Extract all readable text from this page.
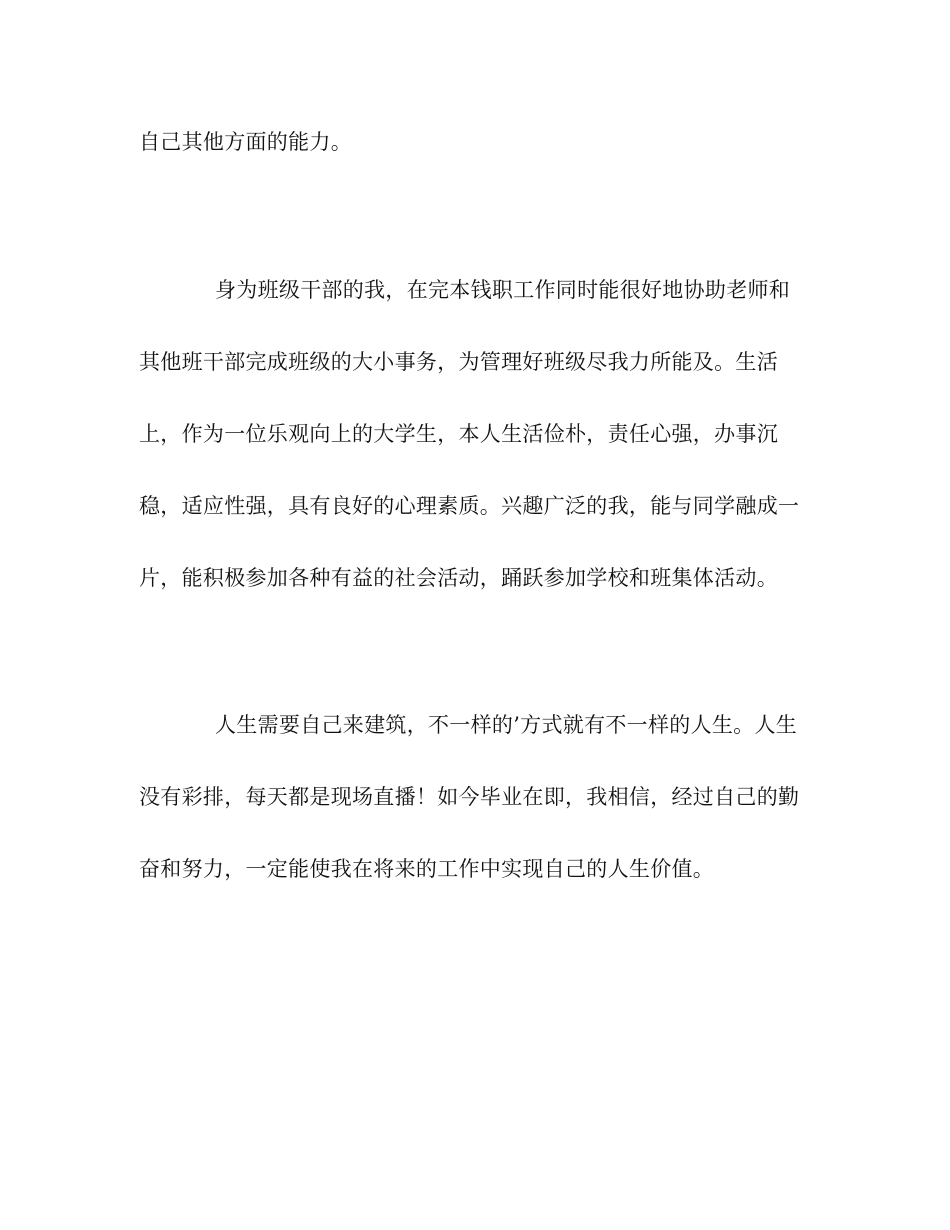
自己其他方面的能力。
身为班级干部的我，在完本钱职工作同时能很好地协助老师和
其他班干部完成班级的大小事务，为管理好班级尽我力所能及。生活
上，作为一位乐观向上的大学生，本人生活俭朴，责任心强，办事沉
稳，适应性强，具有良好的心理素质。兴趣广泛的我，能与同学融成一
片，能积极参加各种有益的社会活动，踊跃参加学校和班集体活动。
人生需要自己来建筑，不一样的’方式就有不一样的人生。人生
没有彩排，每天都是现场直播！如今毕业在即，我相信，经过自己的勤
奋和努力，一定能使我在将来的工作中实现自己的人生价值。
